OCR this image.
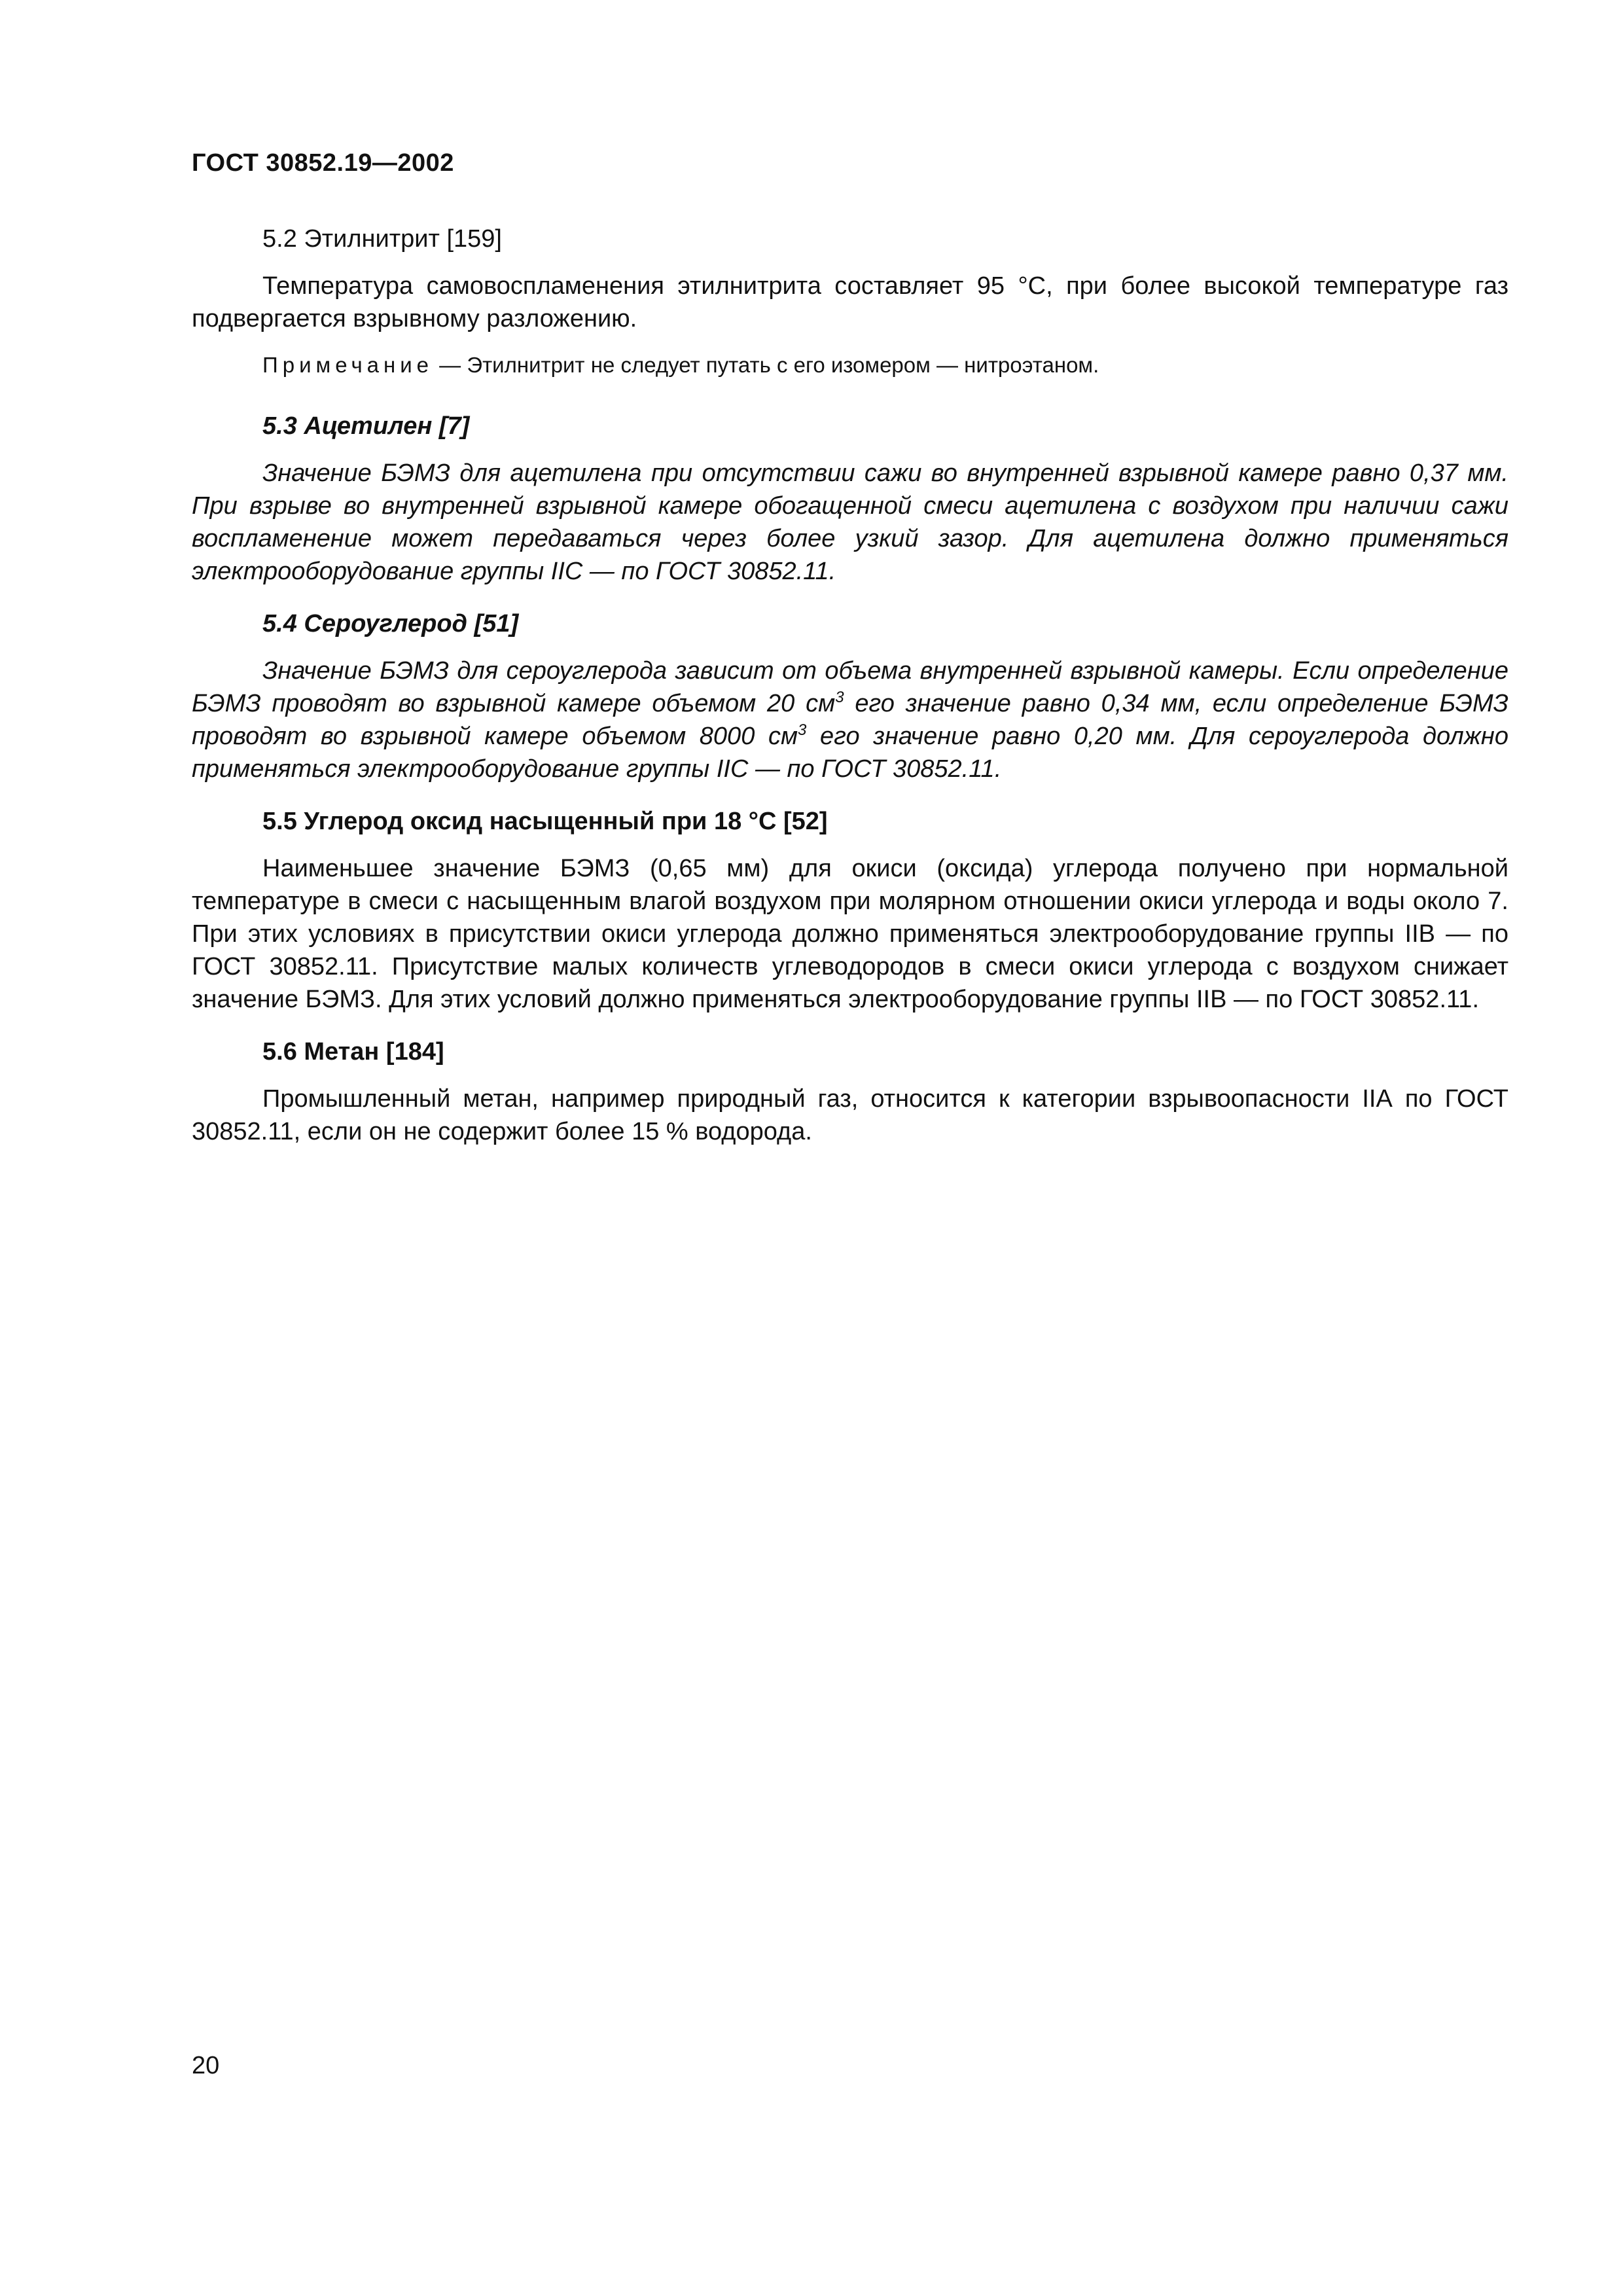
ГОСТ 30852.19—2002
5.2 Этилнитрит [159]

Температура самовоспламенения этилнитрита составляет 95 °С, при более высокой температуре газ подвергается взрывному разложению.

Примечание — Этилнитрит не следует путать с его изомером — нитроэтаном.
5.3 Ацетилен [7]

Значение БЭМЗ для ацетилена при отсутствии сажи во внутренней взрывной камере равно 0,37 мм. При взрыве во внутренней взрывной камере обогащенной смеси ацетилена с воздухом при наличии сажи воспламенение может передаваться через более узкий зазор. Для ацетилена должно применяться электрооборудование группы IIС — по ГОСТ 30852.11.

5.4 Сероуглерод [51]

Значение БЭМЗ для сероуглерода зависит от объема внутренней взрывной камеры. Если определение БЭМЗ проводят во взрывной камере объемом 20 $см^3$ его значение равно 0,34 мм, если определение БЭМЗ проводят во взрывной камере объемом 8000 $см^3$ его значение равно 0,20 мм. Для сероуглерода должно применяться электрооборудование группы IIС — по ГОСТ 30852.11.

5.5 Углерод оксид насыщенный при 18 °С [52]

Наименьшее значение БЭМЗ (0,65 мм) для окиси (оксида) углерода получено при нормальной температуре в смеси с насыщенным влагой воздухом при молярном отношении окиси углерода и воды около 7. При этих условиях в присутствии окиси углерода должно применяться электрооборудование группы IIВ — по ГОСТ 30852.11. Присутствие малых количеств углеводородов в смеси окиси углерода с воздухом снижает значение БЭМЗ. Для этих условий должно применяться электрооборудование группы IIВ — по ГОСТ 30852.11.

5.6 Метан [184]

Промышленный метан, например природный газ, относится к категории взрывоопасности IIА по ГОСТ 30852.11, если он не содержит более 15 % водорода.

20
